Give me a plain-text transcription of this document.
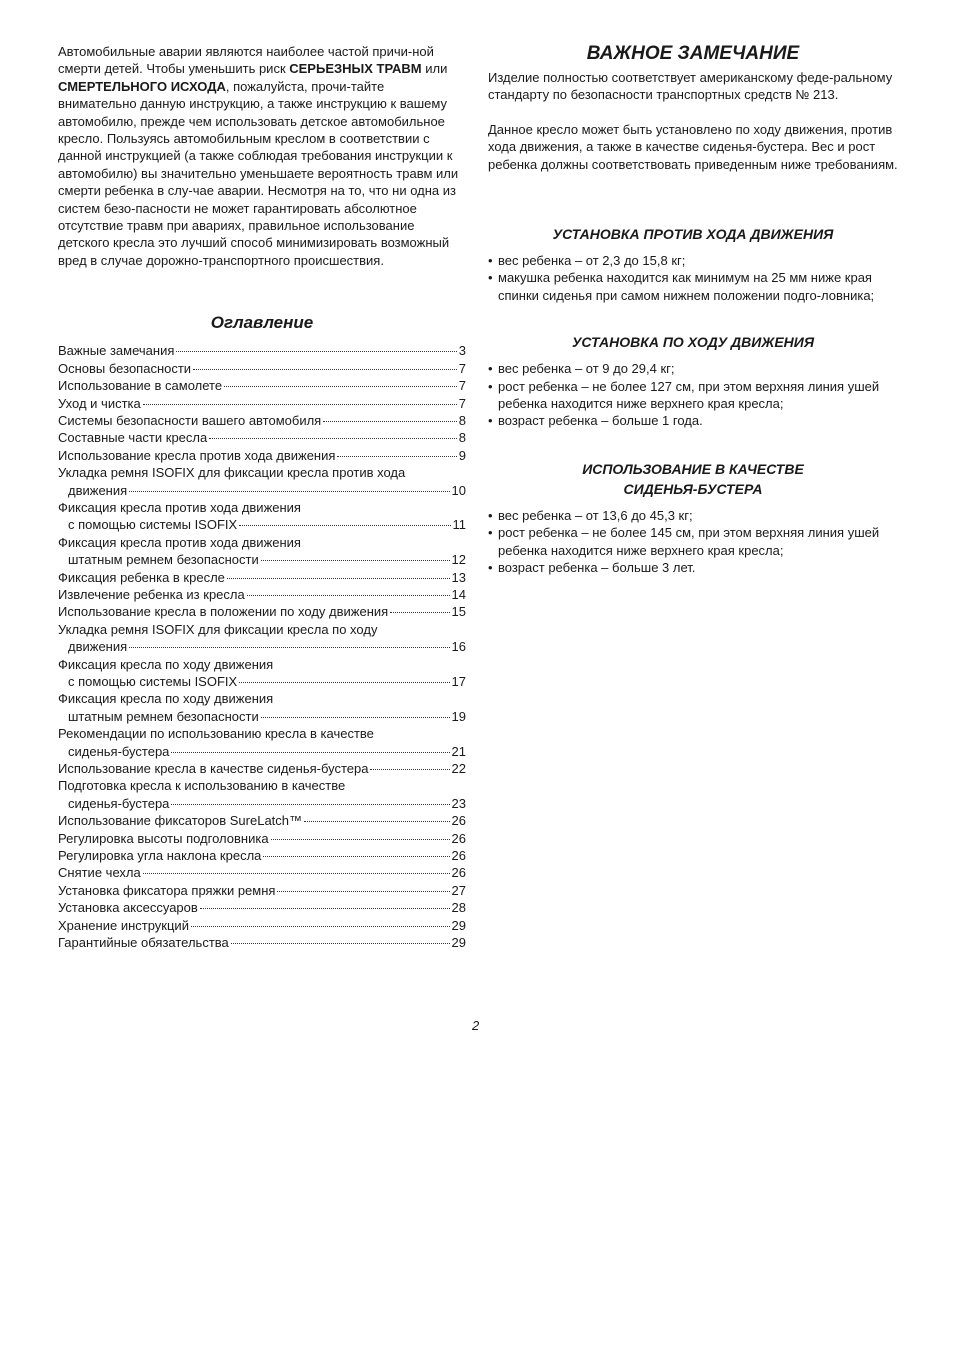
Автомобильные аварии являются наиболее частой причи-ной смерти детей. Чтобы уменьшить риск СЕРЬЕЗНЫХ ТРАВМ или СМЕРТЕЛЬНОГО ИСХОДА, пожалуйста, прочи-тайте внимательно данную инструкцию, а также инструкцию к вашему автомобилю, прежде чем использовать детское автомобильное кресло. Пользуясь автомобильным креслом в соответствии с данной инструкцией (а также соблюдая требования инструкции к автомобилю) вы значительно уменьшаете вероятность травм или смерти ребенка в слу-чае аварии. Несмотря на то, что ни одна из систем безо-пасности не может гарантировать абсолютное отсутствие травм при авариях, правильное использование детского кресла это лучший способ минимизировать возможный вред в случае дорожно-транспортного происшествия.

Оглавление
Важные замечания	3
Основы безопасности	7
Использование в самолете	7
Уход и чистка	7
Системы безопасности вашего автомобиля	8
Составные части кресла	8
Использование кресла против хода движения	9
Укладка ремня ISOFIX для фиксации кресла против хода
движения	10
Фиксация кресла против хода движения
с помощью системы ISOFIX	11
Фиксация кресла против хода движения
штатным ремнем безопасности	12
Фиксация ребенка в кресле	13
Извлечение ребенка из кресла	14
Использование кресла в положении по ходу движения	15
Укладка ремня ISOFIX для фиксации кресла по ходу
движения	16
Фиксация кресла по ходу движения
с помощью системы ISOFIX	17
Фиксация кресла по ходу движения
штатным ремнем безопасности	19
Рекомендации по использованию кресла в качестве
сиденья-бустера	21
Использование кресла в качестве сиденья-бустера	22
Подготовка кресла к использованию в качестве
сиденья-бустера	23
Использование фиксаторов SureLatch™	26
Регулировка высоты подголовника	26
Регулировка угла наклона кресла	26
Снятие чехла	26
Установка фиксатора пряжки ремня	27
Установка аксессуаров	28
Хранение инструкций	29
Гарантийные обязательства	29
ВАЖНОЕ ЗАМЕЧАНИЕ

Изделие полностью соответствует американскому феде-ральному стандарту по безопасности транспортных средств № 213.

Данное кресло может быть установлено по ходу движения, против хода движения, а также в качестве сиденья-бустера. Вес и рост ребенка должны соответствовать приведенным ниже требованиям.

УСТАНОВКА ПРОТИВ ХОДА ДВИЖЕНИЯ
• вес ребенка – от 2,3 до 15,8 кг;
• макушка ребенка находится как минимум на 25 мм ниже края спинки сиденья при самом нижнем положении подго-ловника;
УСТАНОВКА ПО ХОДУ ДВИЖЕНИЯ
• вес ребенка – от 9 до 29,4 кг;
• рост ребенка – не более 127 см, при этом верхняя линия ушей ребенка находится ниже верхнего края кресла;
• возраст ребенка – больше 1 года.
ИСПОЛЬЗОВАНИЕ В КАЧЕСТВЕ
СИДЕНЬЯ-БУСТЕРА
• вес ребенка – от 13,6 до 45,3 кг;
• рост ребенка – не более 145 см, при этом верхняя линия ушей ребенка находится ниже верхнего края кресла;
• возраст ребенка – больше 3 лет.
2
